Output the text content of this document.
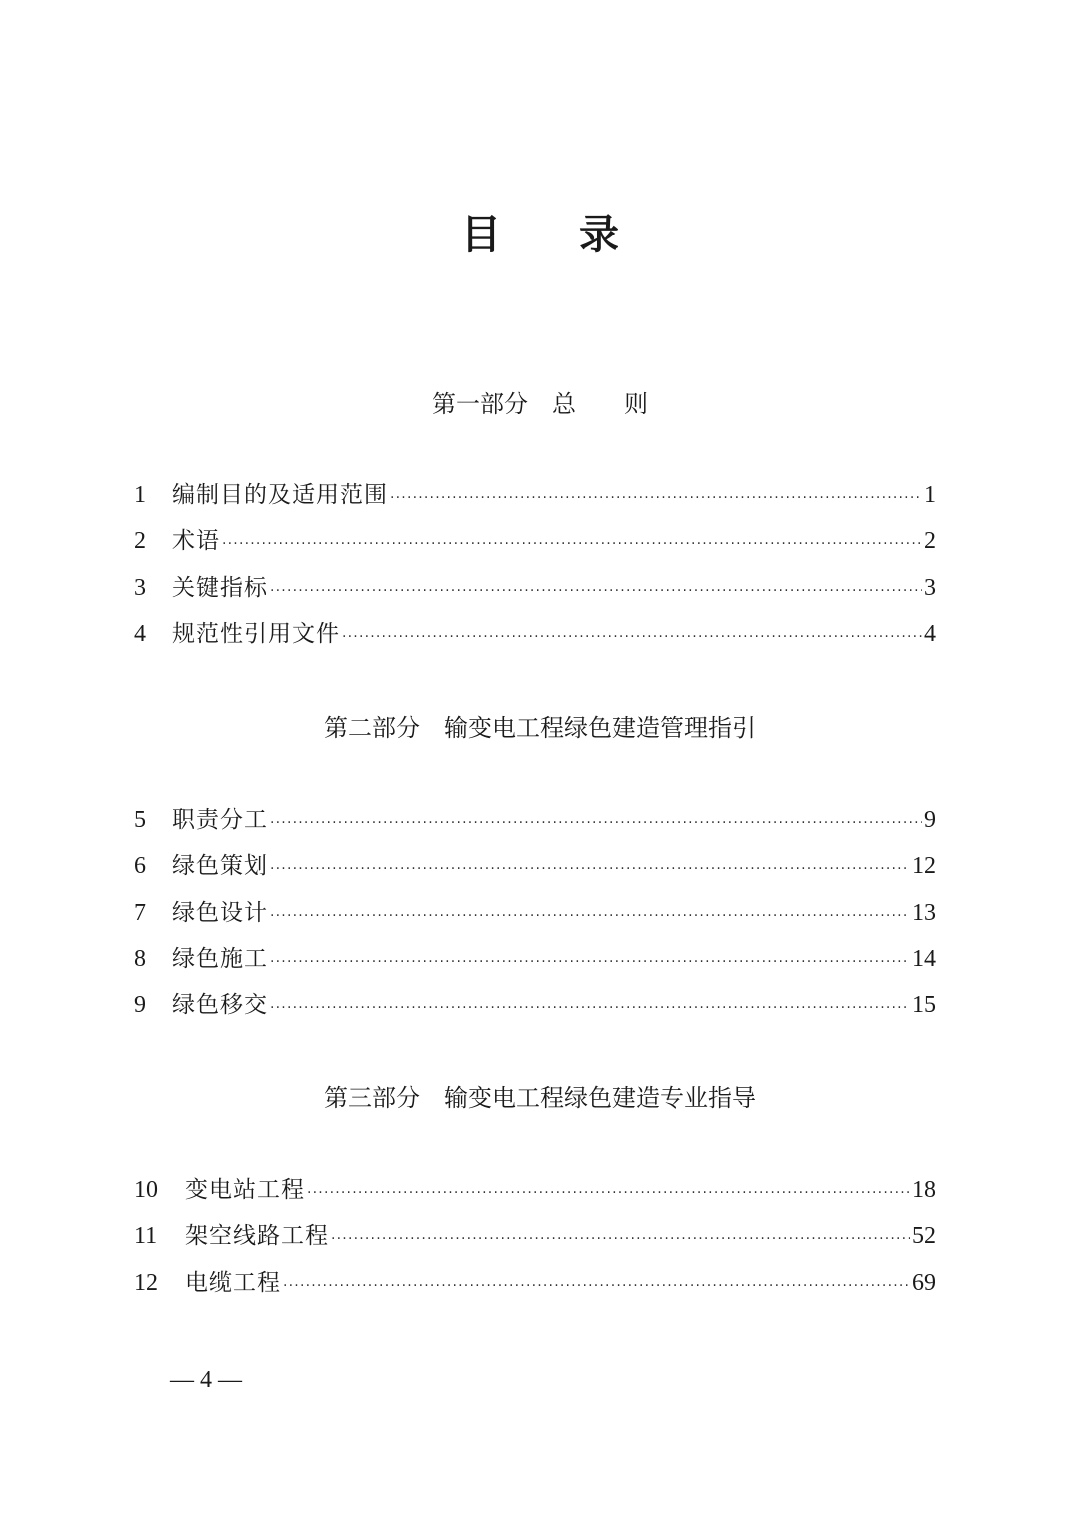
目 录
第一部分　总　　则
1 编制目的及适用范围 ·····	1
2 术语 ·····	2
3 关键指标 ·····	3
4 规范性引用文件 ·····	4
第二部分　输变电工程绿色建造管理指引
5 职责分工 ·····	9
6 绿色策划 ·····	12
7 绿色设计 ·····	13
8 绿色施工 ·····	14
9 绿色移交 ·····	15
第三部分　输变电工程绿色建造专业指导
10 变电站工程 ·····	18
11 架空线路工程 ·····	52
12 电缆工程 ·····	69
— 4 —
